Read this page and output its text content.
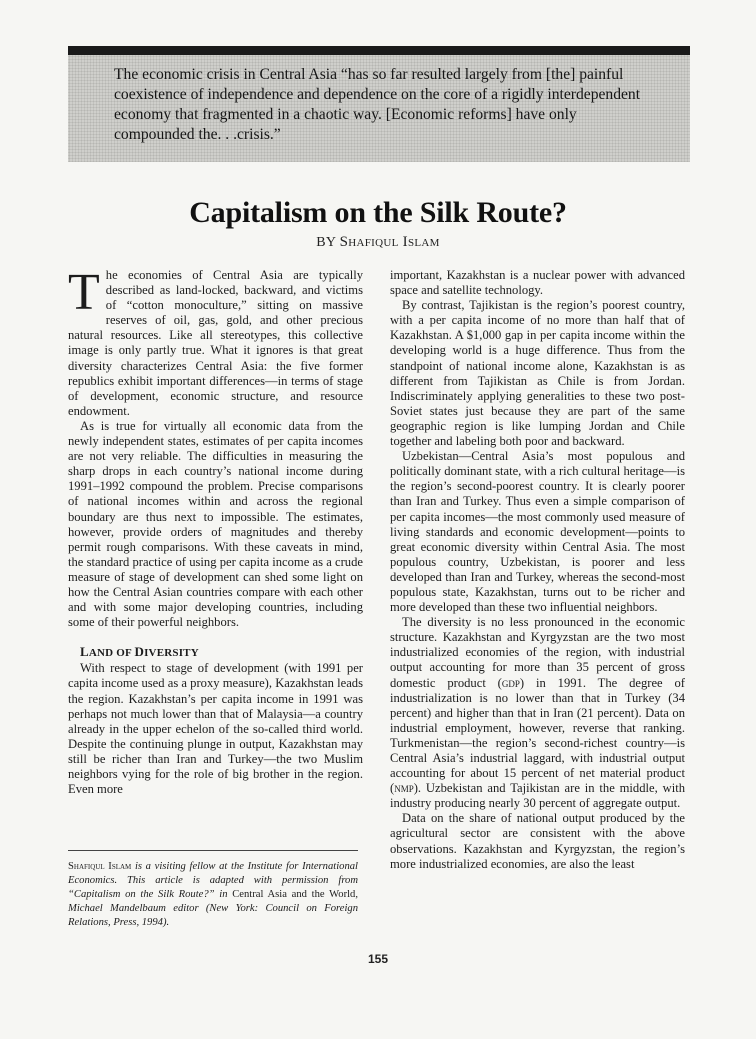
The economic crisis in Central Asia “has so far resulted largely from [the] painful coexistence of independence and dependence on the core of a rigidly interdependent economy that fragmented in a chaotic way. [Economic reforms] have only compounded the. . .crisis.”
Capitalism on the Silk Route?
BY Shafiqul Islam

The economies of Central Asia are typically described as land-locked, backward, and victims of “cotton monoculture,” sitting on massive reserves of oil, gas, gold, and other precious natural resources. Like all stereotypes, this collective image is only partly true. What it ignores is that great diversity characterizes Central Asia: the five former republics exhibit important differences—in terms of stage of development, economic structure, and resource endowment.

As is true for virtually all economic data from the newly independent states, estimates of per capita incomes are not very reliable. The difficulties in measuring the sharp drops in each country’s national income during 1991–1992 compound the problem. Precise comparisons of national incomes within and across the regional boundary are thus next to impossible. The estimates, however, provide orders of magnitudes and thereby permit rough comparisons. With these caveats in mind, the standard practice of using per capita income as a crude measure of stage of development can shed some light on how the Central Asian countries compare with each other and with some major developing countries, including some of their powerful neighbors.

LAND OF DIVERSITY

With respect to stage of development (with 1991 per capita income used as a proxy measure), Kazakhstan leads the region. Kazakhstan’s per capita income in 1991 was perhaps not much lower than that of Malaysia—a country already in the upper echelon of the so-called third world. Despite the continuing plunge in output, Kazakhstan may still be richer than Iran and Turkey—the two Muslim neighbors vying for the role of big brother in the region. Even more

Shafiqul Islam is a visiting fellow at the Institute for International Economics. This article is adapted with permission from “Capitalism on the Silk Route?” in Central Asia and the World, Michael Mandelbaum editor (New York: Council on Foreign Relations, Press, 1994).

important, Kazakhstan is a nuclear power with advanced space and satellite technology.

By contrast, Tajikistan is the region’s poorest country, with a per capita income of no more than half that of Kazakhstan. A $1,000 gap in per capita income within the developing world is a huge difference. Thus from the standpoint of national income alone, Kazakhstan is as different from Tajikistan as Chile is from Jordan. Indiscriminately applying generalities to these two post-Soviet states just because they are part of the same geographic region is like lumping Jordan and Chile together and labeling both poor and backward.

Uzbekistan—Central Asia’s most populous and politically dominant state, with a rich cultural heritage—is the region’s second-poorest country. It is clearly poorer than Iran and Turkey. Thus even a simple comparison of per capita incomes—the most commonly used measure of living standards and economic development—points to great economic diversity within Central Asia. The most populous country, Uzbekistan, is poorer and less developed than Iran and Turkey, whereas the second-most populous state, Kazakhstan, turns out to be richer and more developed than these two influential neighbors.

The diversity is no less pronounced in the economic structure. Kazakhstan and Kyrgyzstan are the two most industrialized economies of the region, with industrial output accounting for more than 35 percent of gross domestic product (gdp) in 1991. The degree of industrialization is no lower than that in Turkey (34 percent) and higher than that in Iran (21 percent). Data on industrial employment, however, reverse that ranking. Turkmenistan—the region’s second-richest country—is Central Asia’s industrial laggard, with industrial output accounting for about 15 percent of net material product (nmp). Uzbekistan and Tajikistan are in the middle, with industry producing nearly 30 percent of aggregate output.

Data on the share of national output produced by the agricultural sector are consistent with the above observations. Kazakhstan and Kyrgyzstan, the region’s more industrialized economies, are also the least

155
